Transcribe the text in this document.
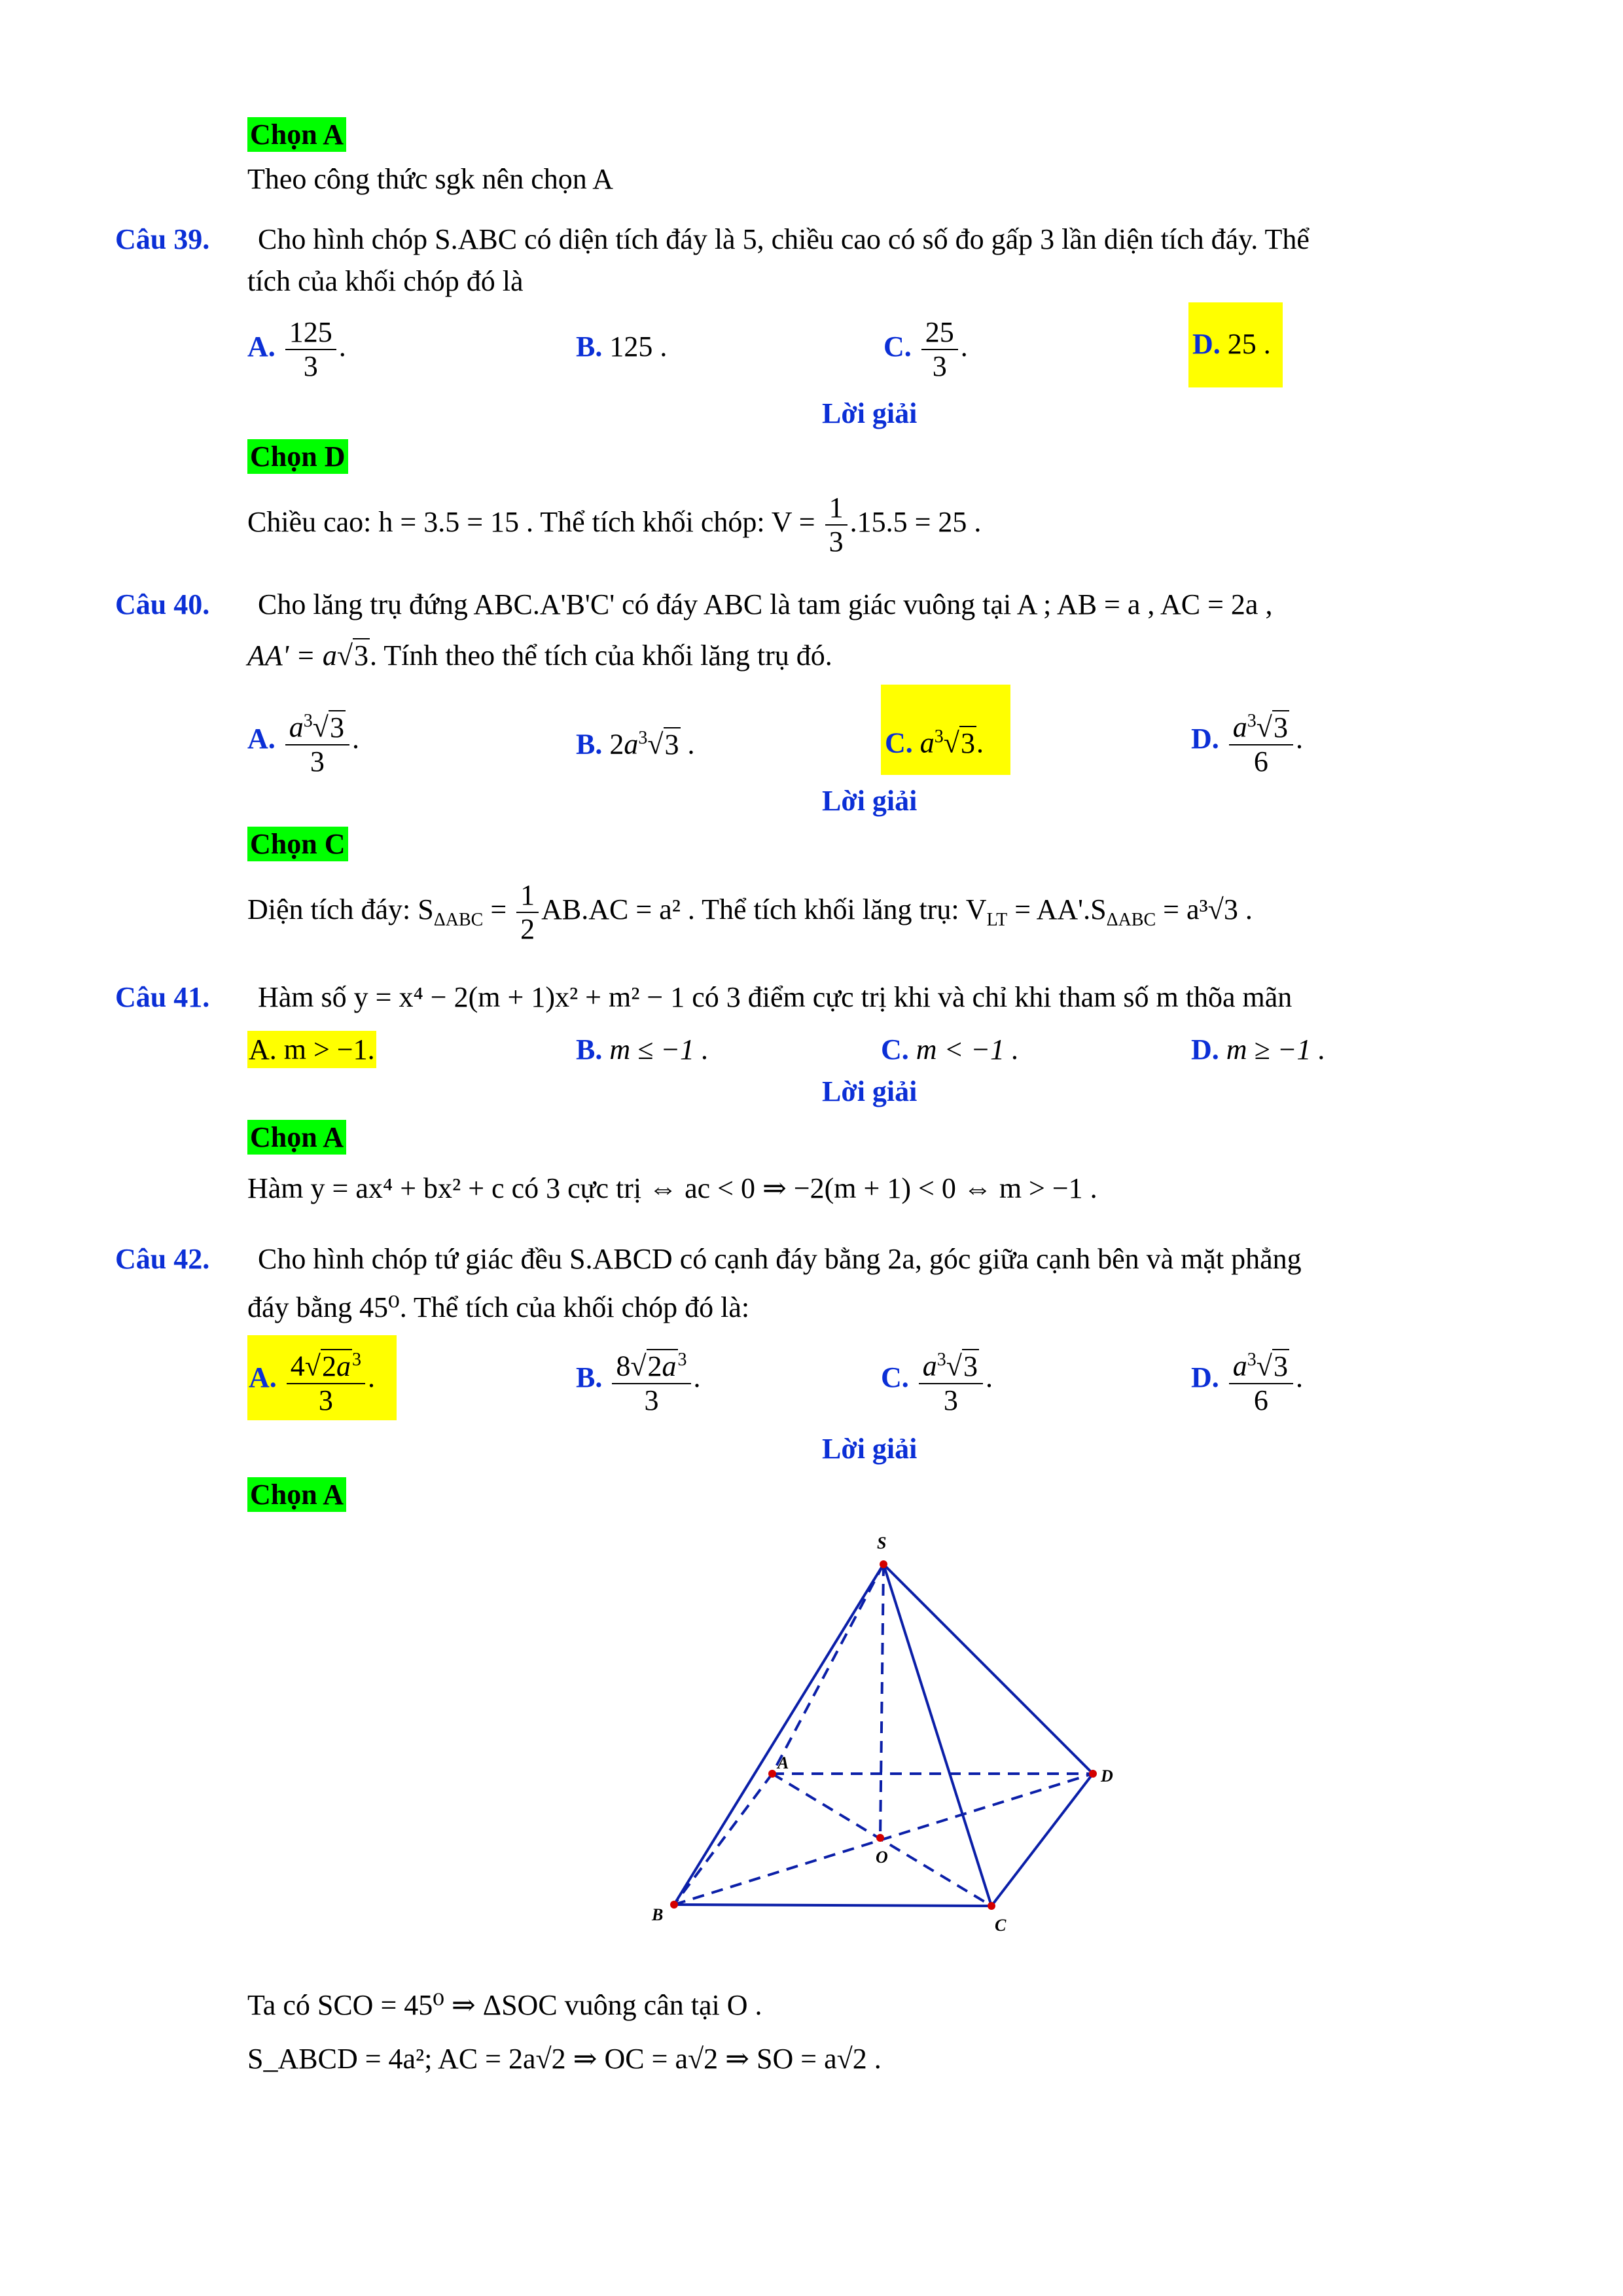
Chọn A
Theo công thức sgk nên chọn A
Câu 39. Cho hình chóp S.ABC có diện tích đáy là 5, chiều cao có số đo gấp 3 lần diện tích đáy. Thể
tích của khối chóp đó là
A. $\frac{125}{3}$ .	B. 125 .	C. $\frac{25}{3}$ .	D. 25 .
Lời giải
Chọn D
Chiều cao: h = 3.5 = 15 . Thể tích khối chóp: $V = \frac{1}{3} .15.5 = 25$ .
Câu 40. Cho lăng trụ đứng ABC.A'B'C' có đáy ABC là tam giác vuông tại A ; AB = a , AC = 2a ,
AA' = a√3. Tính theo thể tích của khối lăng trụ đó.
A. $\frac{a^3√3}{3}$ .	B. $2a^3√3$ .	C. $a^3√3$.	D. $\frac{a^3√3}{6}$ .
Lời giải
Chọn C
Diện tích đáy: $S_{\Delta ABC} = \frac{1}{2} AB.AC = a^2$ . Thể tích khối lăng trụ: $V_{LT} = AA'.S_{\Delta ABC} = a^3√3$ .
Câu 41. Hàm số y = x⁴ − 2(m + 1)x² + m² − 1 có 3 điểm cực trị khi và chỉ khi tham số m thõa mãn
A. m > −1.	B. m ≤ −1 .	C. m < −1 .	D. m ≥ −1 .
Lời giải
Chọn A
Hàm y = ax⁴ + bx² + c có 3 cực trị ⇔ ac < 0 ⇒ −2(m + 1) < 0 ⇔ m > −1 .
Câu 42. Cho hình chóp tứ giác đều S.ABCD có cạnh đáy bằng 2a, góc giữa cạnh bên và mặt phẳng
đáy bằng 45⁰. Thể tích của khối chóp đó là:
A. $\frac{4√2a^3}{3}$ .	B. $\frac{8√2a^3}{3}$ .	C. $\frac{a^3√3}{3}$ .	D. $\frac{a^3√3}{6}$ .
Lời giải
Chọn A
S
A
D
O
B
C
Ta có SCO = 45⁰ ⇒ ΔSOC vuông cân tại O .
S_ABCD = 4a²; AC = 2a√2 ⇒ OC = a√2 ⇒ SO = a√2 .
